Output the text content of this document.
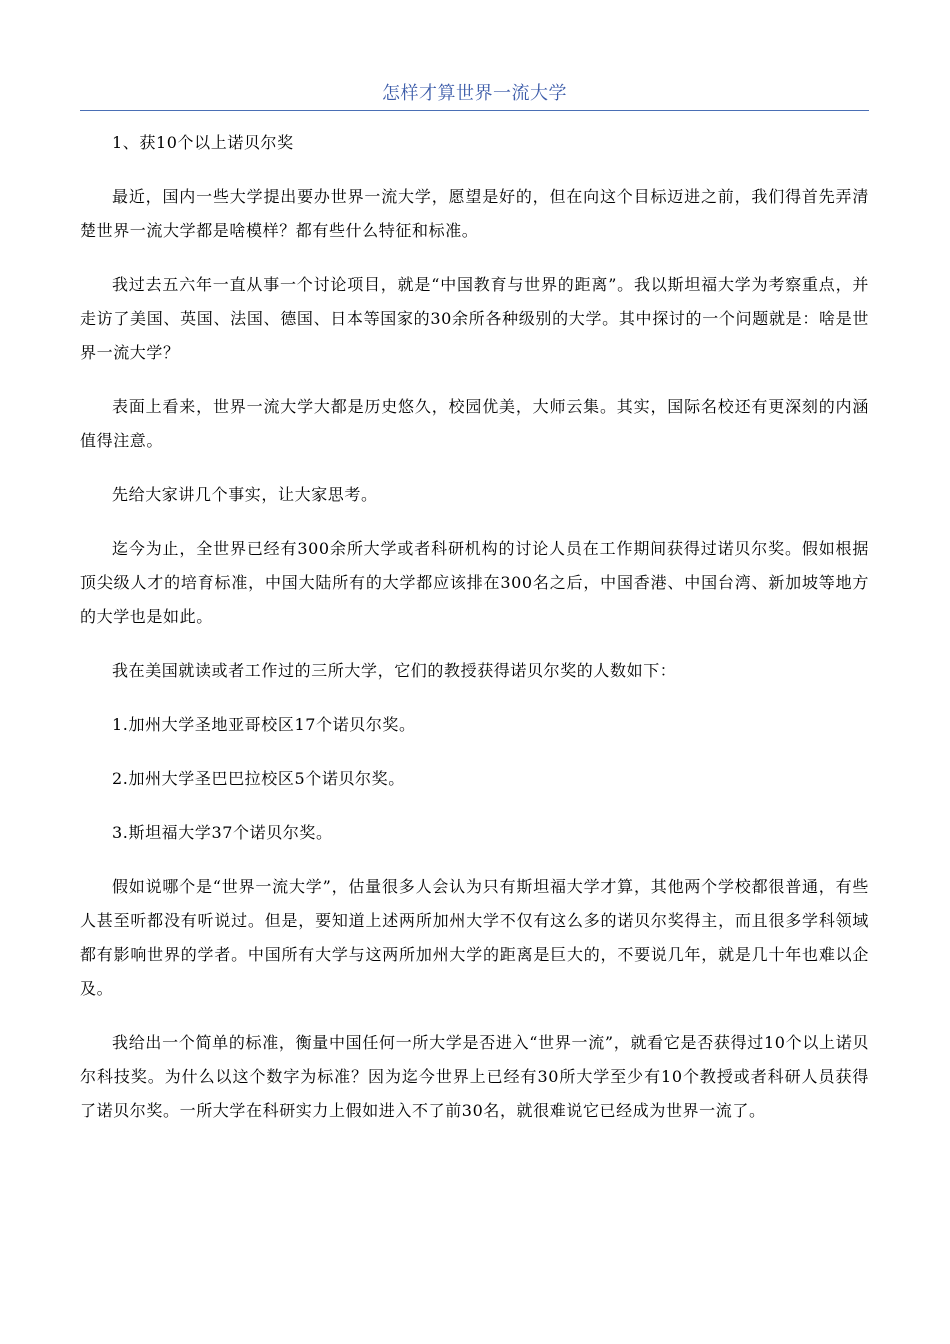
怎样才算世界一流大学

1、获10个以上诺贝尔奖

最近，国内一些大学提出要办世界一流大学，愿望是好的，但在向这个目标迈进之前，我们得首先弄清楚世界一流大学都是啥模样？都有些什么特征和标准。

我过去五六年一直从事一个讨论项目，就是“中国教育与世界的距离”。我以斯坦福大学为考察重点，并走访了美国、英国、法国、德国、日本等国家的30余所各种级别的大学。其中探讨的一个问题就是：啥是世界一流大学？

表面上看来，世界一流大学大都是历史悠久，校园优美，大师云集。其实，国际名校还有更深刻的内涵值得注意。

先给大家讲几个事实，让大家思考。

迄今为止，全世界已经有300余所大学或者科研机构的讨论人员在工作期间获得过诺贝尔奖。假如根据顶尖级人才的培育标准，中国大陆所有的大学都应该排在300名之后，中国香港、中国台湾、新加坡等地方的大学也是如此。

我在美国就读或者工作过的三所大学，它们的教授获得诺贝尔奖的人数如下：

1.加州大学圣地亚哥校区17个诺贝尔奖。

2.加州大学圣巴巴拉校区5个诺贝尔奖。

3.斯坦福大学37个诺贝尔奖。

假如说哪个是“世界一流大学”，估量很多人会认为只有斯坦福大学才算，其他两个学校都很普通，有些人甚至听都没有听说过。但是，要知道上述两所加州大学不仅有这么多的诺贝尔奖得主，而且很多学科领域都有影响世界的学者。中国所有大学与这两所加州大学的距离是巨大的，不要说几年，就是几十年也难以企及。

我给出一个简单的标准，衡量中国任何一所大学是否进入“世界一流”，就看它是否获得过10个以上诺贝尔科技奖。为什么以这个数字为标准？因为迄今世界上已经有30所大学至少有10个教授或者科研人员获得了诺贝尔奖。一所大学在科研实力上假如进入不了前30名，就很难说它已经成为世界一流了。
